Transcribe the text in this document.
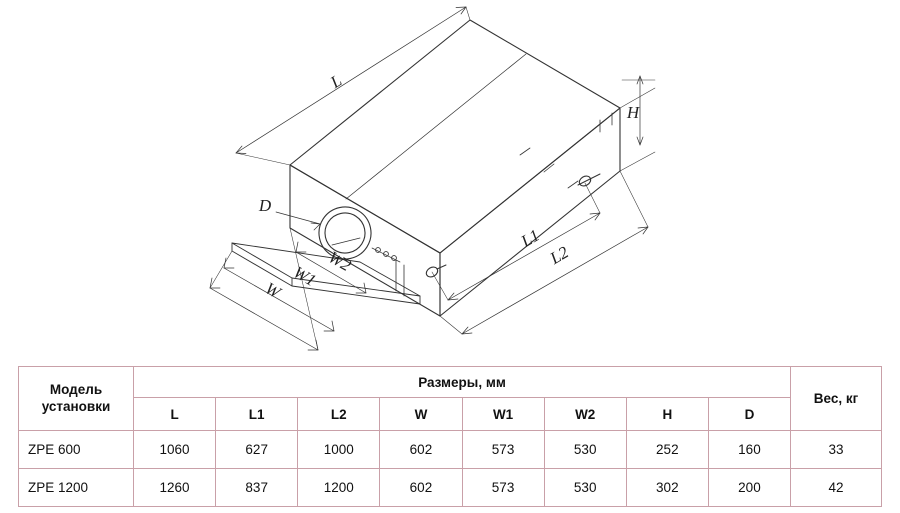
L
H
L1
L2
W
W1
W2
D
Модель
установки	Размеры, мм								Вес, кг
	L	L1	L2	W	W1	W2	H	D	
ZPE 600	1060	627	1000	602	573	530	252	160	33
ZPE 1200	1260	837	1200	602	573	530	302	200	42
